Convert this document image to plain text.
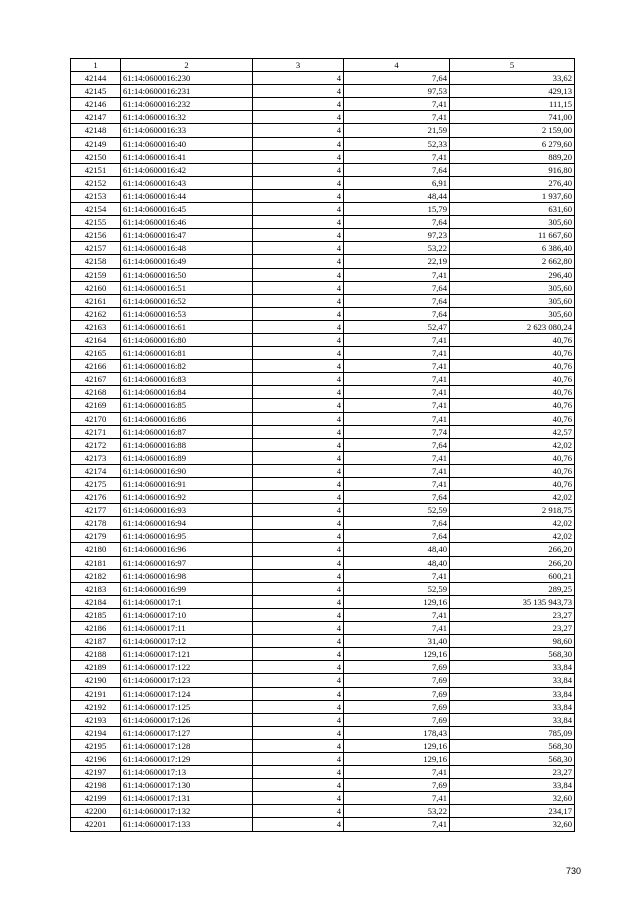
1	2	3	4	5
42144	61:14:0600016:230	4	7,64	33,62
42145	61:14:0600016:231	4	97,53	429,13
42146	61:14:0600016:232	4	7,41	111,15
42147	61:14:0600016:32	4	7,41	741,00
42148	61:14:0600016:33	4	21,59	2 159,00
42149	61:14:0600016:40	4	52,33	6 279,60
42150	61:14:0600016:41	4	7,41	889,20
42151	61:14:0600016:42	4	7,64	916,80
42152	61:14:0600016:43	4	6,91	276,40
42153	61:14:0600016:44	4	48,44	1 937,60
42154	61:14:0600016:45	4	15,79	631,60
42155	61:14:0600016:46	4	7,64	305,60
42156	61:14:0600016:47	4	97,23	11 667,60
42157	61:14:0600016:48	4	53,22	6 386,40
42158	61:14:0600016:49	4	22,19	2 662,80
42159	61:14:0600016:50	4	7,41	296,40
42160	61:14:0600016:51	4	7,64	305,60
42161	61:14:0600016:52	4	7,64	305,60
42162	61:14:0600016:53	4	7,64	305,60
42163	61:14:0600016:61	4	52,47	2 623 080,24
42164	61:14:0600016:80	4	7,41	40,76
42165	61:14:0600016:81	4	7,41	40,76
42166	61:14:0600016:82	4	7,41	40,76
42167	61:14:0600016:83	4	7,41	40,76
42168	61:14:0600016:84	4	7,41	40,76
42169	61:14:0600016:85	4	7,41	40,76
42170	61:14:0600016:86	4	7,41	40,76
42171	61:14:0600016:87	4	7,74	42,57
42172	61:14:0600016:88	4	7,64	42,02
42173	61:14:0600016:89	4	7,41	40,76
42174	61:14:0600016:90	4	7,41	40,76
42175	61:14:0600016:91	4	7,41	40,76
42176	61:14:0600016:92	4	7,64	42,02
42177	61:14:0600016:93	4	52,59	2 918,75
42178	61:14:0600016:94	4	7,64	42,02
42179	61:14:0600016:95	4	7,64	42,02
42180	61:14:0600016:96	4	48,40	266,20
42181	61:14:0600016:97	4	48,40	266,20
42182	61:14:0600016:98	4	7,41	600,21
42183	61:14:0600016:99	4	52,59	289,25
42184	61:14:0600017:1	4	129,16	35 135 943,73
42185	61:14:0600017:10	4	7,41	23,27
42186	61:14:0600017:11	4	7,41	23,27
42187	61:14:0600017:12	4	31,40	98,60
42188	61:14:0600017:121	4	129,16	568,30
42189	61:14:0600017:122	4	7,69	33,84
42190	61:14:0600017:123	4	7,69	33,84
42191	61:14:0600017:124	4	7,69	33,84
42192	61:14:0600017:125	4	7,69	33,84
42193	61:14:0600017:126	4	7,69	33,84
42194	61:14:0600017:127	4	178,43	785,09
42195	61:14:0600017:128	4	129,16	568,30
42196	61:14:0600017:129	4	129,16	568,30
42197	61:14:0600017:13	4	7,41	23,27
42198	61:14:0600017:130	4	7,69	33,84
42199	61:14:0600017:131	4	7,41	32,60
42200	61:14:0600017:132	4	53,22	234,17
42201	61:14:0600017:133	4	7,41	32,60
730
